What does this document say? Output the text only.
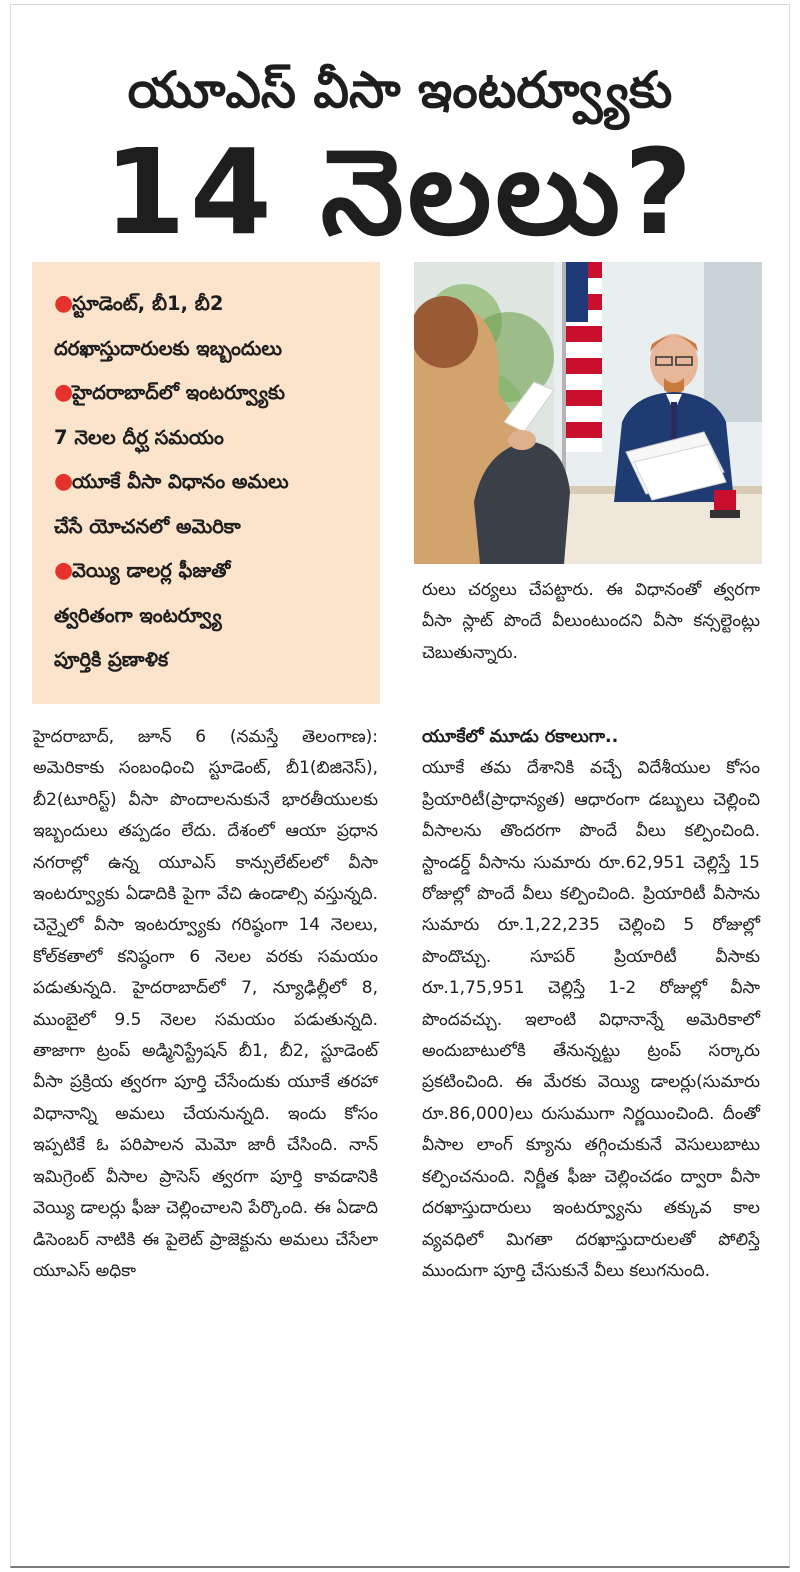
యూఎస్‌ వీసా ఇంటర్వ్యూకు
14 నెలలు?
●
స్టూడెంట్‌, బీ1, బీ2
దరఖాస్తుదారులకు ఇబ్బందులు
●
హైదరాబాద్‌లో ఇంటర్వ్యూకు
7 నెలల దీర్ఘ సమయం
●
యూకే వీసా విధానం అమలు
చేసే యోచనలో అమెరికా
●
వెయ్యి డాలర్ల ఫీజుతో
త్వరితంగా ఇంటర్వ్యూ
పూర్తికి ప్రణాళిక

రులు చర్యలు చేపట్టారు. ఈ విధానంతో త్వరగా వీసా స్లాట్‌ పొందే వీలుంటుందని వీసా కన్సల్టెంట్లు చెబుతున్నారు.

హైదరాబాద్‌, జూన్‌ 6 (నమస్తే తెలంగాణ): అమెరికాకు సంబంధించి స్టూడెంట్‌, బీ1(బిజినెస్‌), బీ2(టూరిస్ట్‌) వీసా పొందాలనుకునే భారతీయులకు ఇబ్బందులు తప్పడం లేదు. దేశంలో ఆయా ప్రధాన నగరాల్లో ఉన్న యూఎస్‌ కాన్సులేట్‌లలో వీసా ఇంటర్వ్యూకు ఏడాదికి పైగా వేచి ఉండాల్సి వస్తున్నది. చెన్నైలో వీసా ఇంటర్వ్యూకు గరిష్ఠంగా 14 నెలలు, కోల్‌కతాలో కనిష్ఠంగా 6 నెలల వరకు సమయం పడుతున్నది. హైదరాబాద్‌లో 7, న్యూఢిల్లీలో 8, ముంబైలో 9.5 నెలల సమయం పడుతున్నది. తాజాగా ట్రంప్‌ అడ్మినిస్ట్రేషన్‌ బీ1, బీ2, స్టూడెంట్‌ వీసా ప్రక్రియ త్వరగా పూర్తి చేసేందుకు యూకే తరహా విధానాన్ని అమలు చేయనున్నది. ఇందు కోసం ఇప్పటికే ఓ పరిపాలన మెమో జారీ చేసింది. నాన్‌ ఇమిగ్రెంట్‌ వీసాల ప్రాసెస్‌ త్వరగా పూర్తి కావడానికి వెయ్యి డాలర్లు ఫీజు చెల్లించాలని పేర్కొంది. ఈ ఏడాది డిసెంబర్‌ నాటికి ఈ పైలెట్‌ ప్రాజెక్టును అమలు చేసేలా యూఎస్‌ అధికా

యూకేలో మూడు రకాలుగా..

యూకే తమ దేశానికి వచ్చే విదేశీయుల కోసం ప్రియారిటీ(ప్రాధాన్యత) ఆధారంగా డబ్బులు చెల్లించి వీసాలను తొందరగా పొందే వీలు కల్పించింది. స్టాండర్డ్‌ వీసాను సుమారు రూ.62,951 చెల్లిస్తే 15 రోజుల్లో పొందే వీలు కల్పించింది. ప్రియారిటీ వీసాను సుమారు రూ.1,22,235 చెల్లించి 5 రోజుల్లో పొందొచ్చు. సూపర్‌ ప్రియారిటీ వీసాకు రూ.1,75,951 చెల్లిస్తే 1-2 రోజుల్లో వీసా పొందవచ్చు. ఇలాంటి విధానాన్నే అమెరికాలో అందుబాటులోకి తేనున్నట్టు ట్రంప్‌ సర్కారు ప్రకటించింది. ఈ మేరకు వెయ్యి డాలర్లు(సుమారు రూ.86,000)లు రుసుముగా నిర్ణయించింది. దీంతో వీసాల లాంగ్‌ క్యూను తగ్గించుకునే వెసులుబాటు కల్పించనుంది. నిర్ణీత ఫీజు చెల్లించడం ద్వారా వీసా దరఖాస్తుదారులు ఇంటర్వ్యూను తక్కువ కాల వ్యవధిలో మిగతా దరఖాస్తుదారులతో పోలిస్తే ముందుగా పూర్తి చేసుకునే వీలు కలుగనుంది.
